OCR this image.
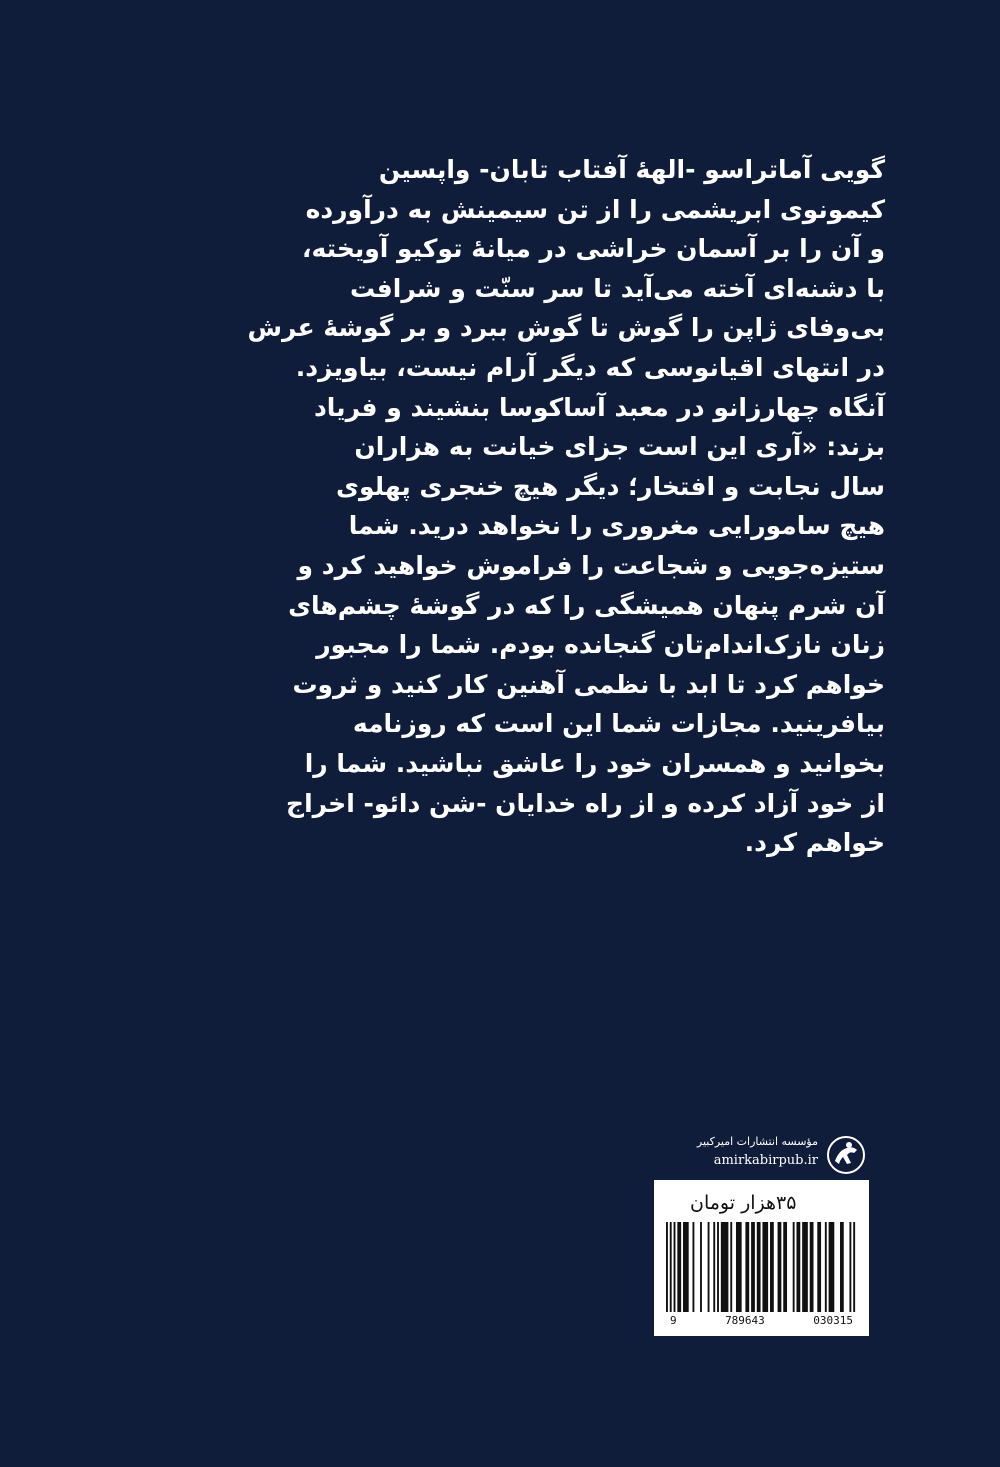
گویی آماتراسو -الههٔ آفتاب تابان- واپسین
کیمونوی ابریشمی را از تن سیمینش به درآورده
و آن را بر آسمان خراشی در میانهٔ توکیو آویخته،
با دشنه‌ای آخته می‌آید تا سر سنّت و شرافت
بی‌وفای ژاپن را گوش تا گوش ببرد و بر گوشهٔ عرش
در انتهای اقیانوسی که دیگر آرام نیست، بیاویزد.
آنگاه چهارزانو در معبد آساکوسا بنشیند و فریاد
بزند: «آری این است جزای خیانت به هزاران
سال نجابت و افتخار؛ دیگر هیچ خنجری پهلوی
هیچ سامورایی مغروری را نخواهد درید. شما
ستیزه‌جویی و شجاعت را فراموش خواهید کرد و
آن شرم پنهان همیشگی را که در گوشهٔ چشم‌های
زنان نازک‌اندام‌تان گنجانده بودم. شما را مجبور
خواهم کرد تا ابد با نظمی آهنین کار کنید و ثروت
بیافرینید. مجازات شما این است که روزنامه
بخوانید و همسران خود را عاشق نباشید. شما را
از خود آزاد کرده و از راه خدایان -شن دائو- اخراج
خواهم کرد.
مؤسسه انتشارات امیرکبیر
amirkabirpub.ir
۳۵هزار تومان
9	789643	030315
